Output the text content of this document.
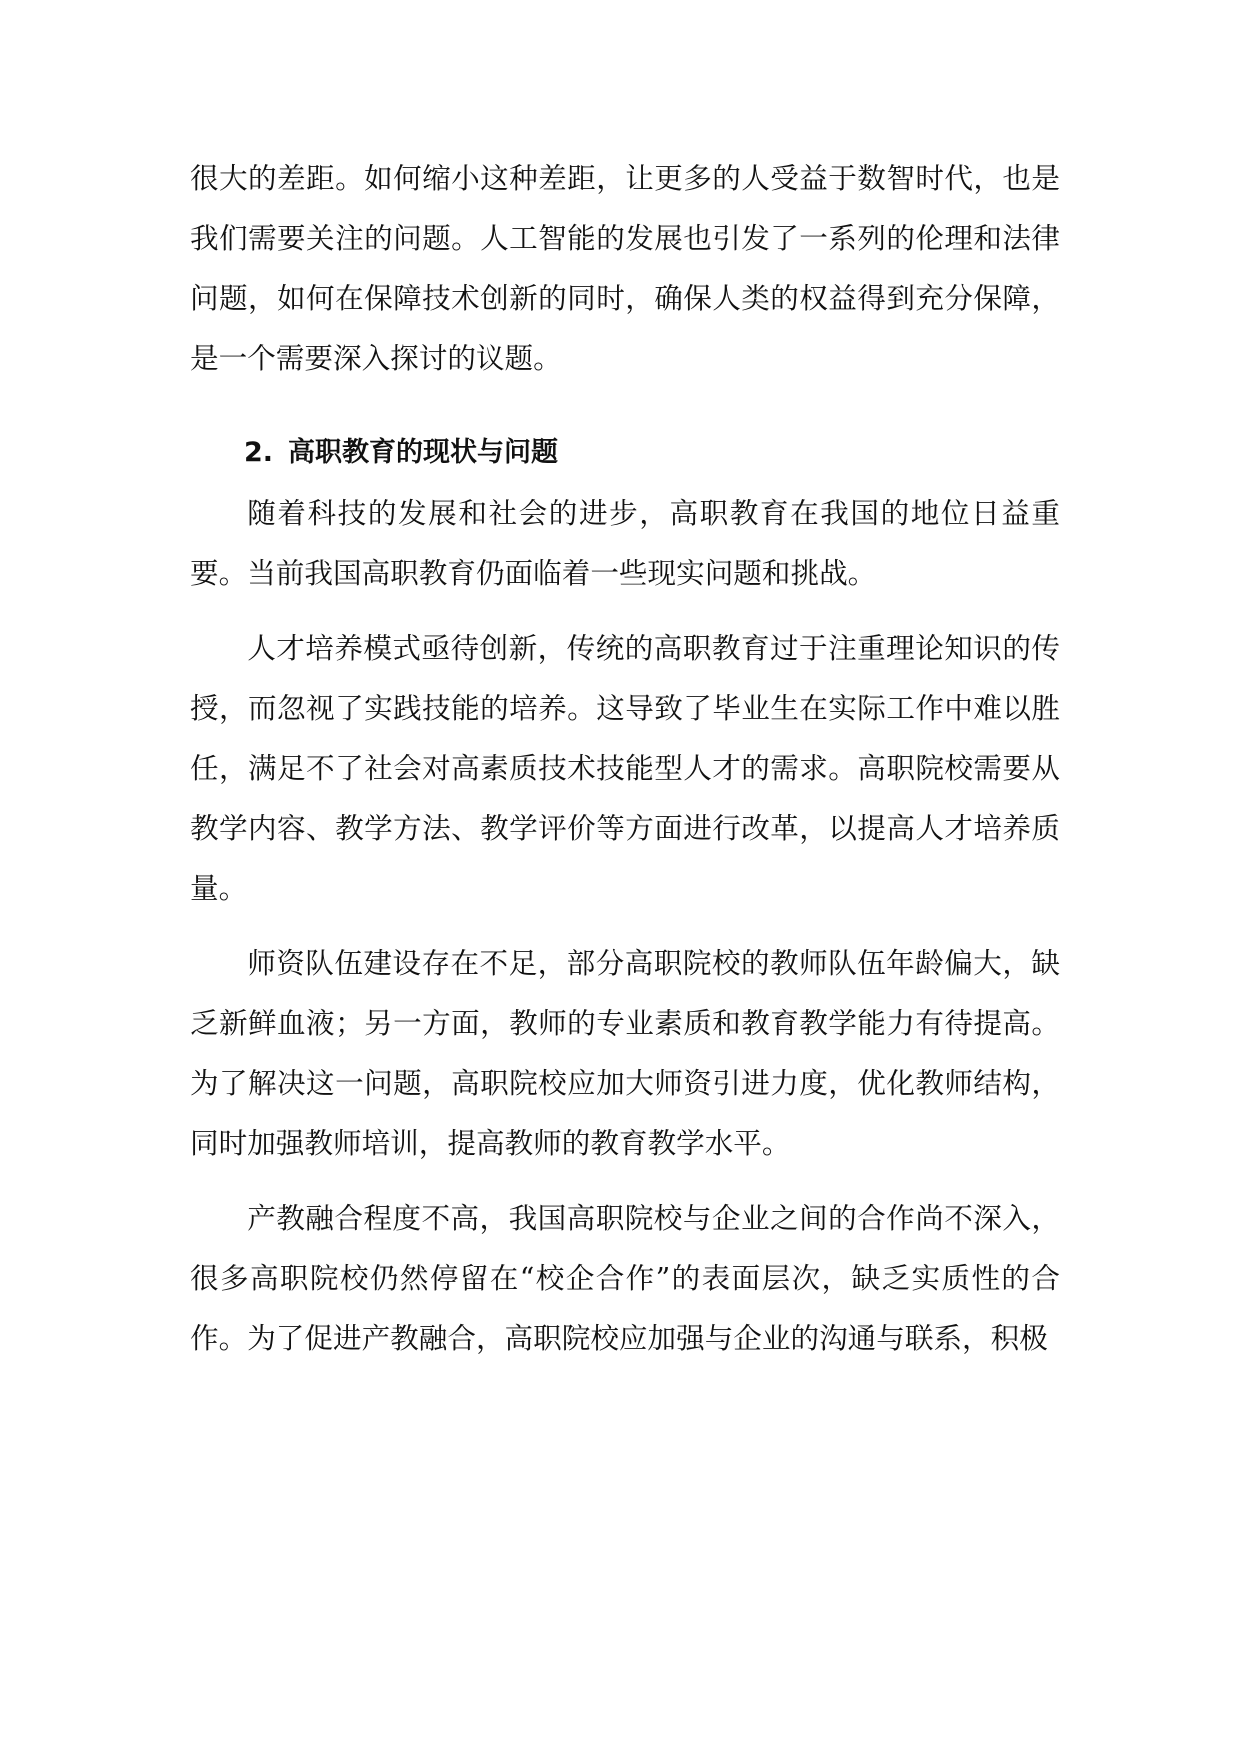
很大的差距。如何缩小这种差距，让更多的人受益于数智时代，也是我们需要关注的问题。人工智能的发展也引发了一系列的伦理和法律问题，如何在保障技术创新的同时，确保人类的权益得到充分保障，是一个需要深入探讨的议题。

2. 高职教育的现状与问题

随着科技的发展和社会的进步，高职教育在我国的地位日益重要。当前我国高职教育仍面临着一些现实问题和挑战。

人才培养模式亟待创新，传统的高职教育过于注重理论知识的传授，而忽视了实践技能的培养。这导致了毕业生在实际工作中难以胜任，满足不了社会对高素质技术技能型人才的需求。高职院校需要从教学内容、教学方法、教学评价等方面进行改革，以提高人才培养质量。

师资队伍建设存在不足，部分高职院校的教师队伍年龄偏大，缺乏新鲜血液；另一方面，教师的专业素质和教育教学能力有待提高。为了解决这一问题，高职院校应加大师资引进力度，优化教师结构，同时加强教师培训，提高教师的教育教学水平。

产教融合程度不高，我国高职院校与企业之间的合作尚不深入，很多高职院校仍然停留在“校企合作”的表面层次，缺乏实质性的合作。为了促进产教融合，高职院校应加强与企业的沟通与联系，积极
